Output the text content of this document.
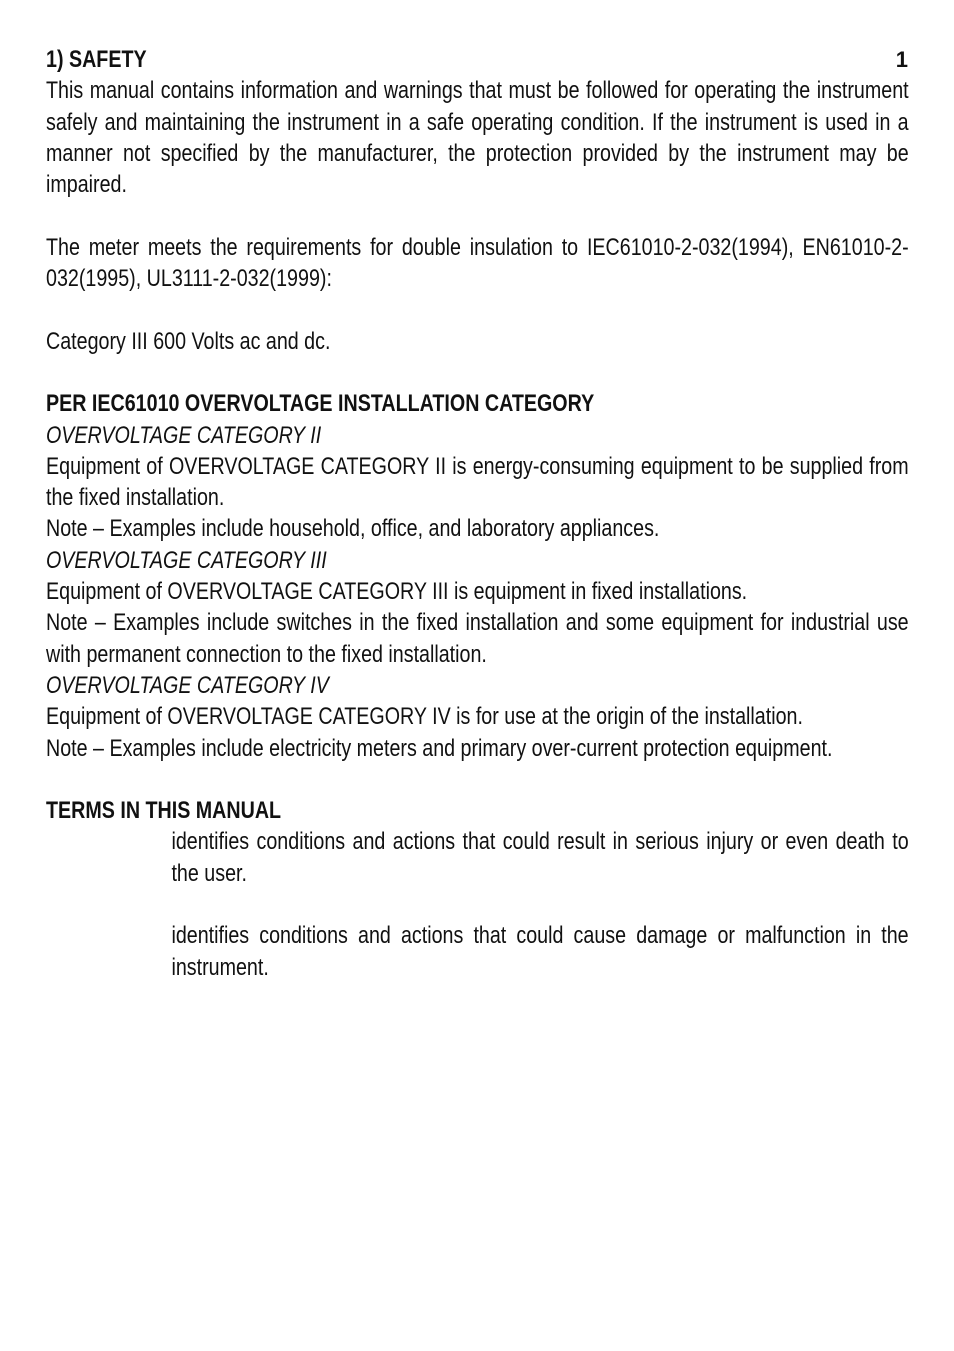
1

1) SAFETY

This manual contains information and warnings that must be followed for operating the instrument safely and maintaining the instrument in a safe operating condition. If the instrument is used in a manner not specified by the manufacturer, the protection provided by the instrument may be impaired.

The meter meets the requirements for double insulation to IEC61010-2-032(1994), EN61010-2-032(1995), UL3111-2-032(1999):

Category III 600 Volts ac and dc.

PER IEC61010 OVERVOLTAGE INSTALLATION CATEGORY

OVERVOLTAGE CATEGORY II

Equipment of OVERVOLTAGE CATEGORY II is energy-consuming equipment to be supplied from the fixed installation.

Note – Examples include household, office, and laboratory appliances.

OVERVOLTAGE CATEGORY III

Equipment of OVERVOLTAGE CATEGORY III is equipment in fixed installations.

Note – Examples include switches in the fixed installation and some equipment for industrial use with permanent connection to the fixed installation.

OVERVOLTAGE CATEGORY IV

Equipment of OVERVOLTAGE CATEGORY IV is for use at the origin of the installation.

Note – Examples include electricity meters and primary over-current protection equipment.

TERMS IN THIS MANUAL

identifies conditions and actions that could result in serious injury or even death to the user.

identifies conditions and actions that could cause damage or malfunction in the instrument.
